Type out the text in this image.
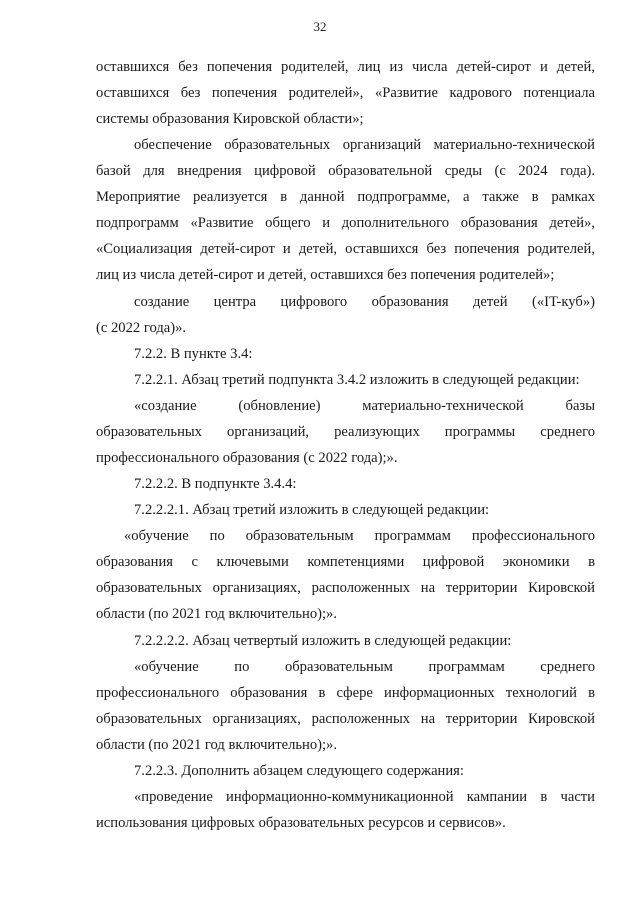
32
оставшихся без попечения родителей, лиц из числа детей-сирот и детей,
оставшихся без попечения родителей», «Развитие кадрового потенциала
системы образования Кировской области»;
обеспечение образовательных организаций материально-технической
базой для внедрения цифровой образовательной среды (с 2024 года).
Мероприятие реализуется в данной подпрограмме, а также в рамках
подпрограмм «Развитие общего и дополнительного образования детей»,
«Социализация детей-сирот и детей, оставшихся без попечения родителей,
лиц из числа детей-сирот и детей, оставшихся без попечения родителей»;
создание центра цифрового образования детей («IT-куб»)
(с 2022 года)».
7.2.2. В пункте 3.4:
7.2.2.1. Абзац третий подпункта 3.4.2 изложить в следующей редакции:
«создание (обновление) материально-технической базы
образовательных организаций, реализующих программы среднего
профессионального образования (с 2022 года);».
7.2.2.2. В подпункте 3.4.4:
7.2.2.2.1. Абзац третий изложить в следующей редакции:
«обучение по образовательным программам профессионального
образования с ключевыми компетенциями цифровой экономики в
образовательных организациях, расположенных на территории Кировской
области (по 2021 год включительно);».
7.2.2.2.2. Абзац четвертый изложить в следующей редакции:
«обучение по образовательным программам среднего
профессионального образования в сфере информационных технологий в
образовательных организациях, расположенных на территории Кировской
области (по 2021 год включительно);».
7.2.2.3. Дополнить абзацем следующего содержания:
«проведение информационно-коммуникационной кампании в части
использования цифровых образовательных ресурсов и сервисов».
